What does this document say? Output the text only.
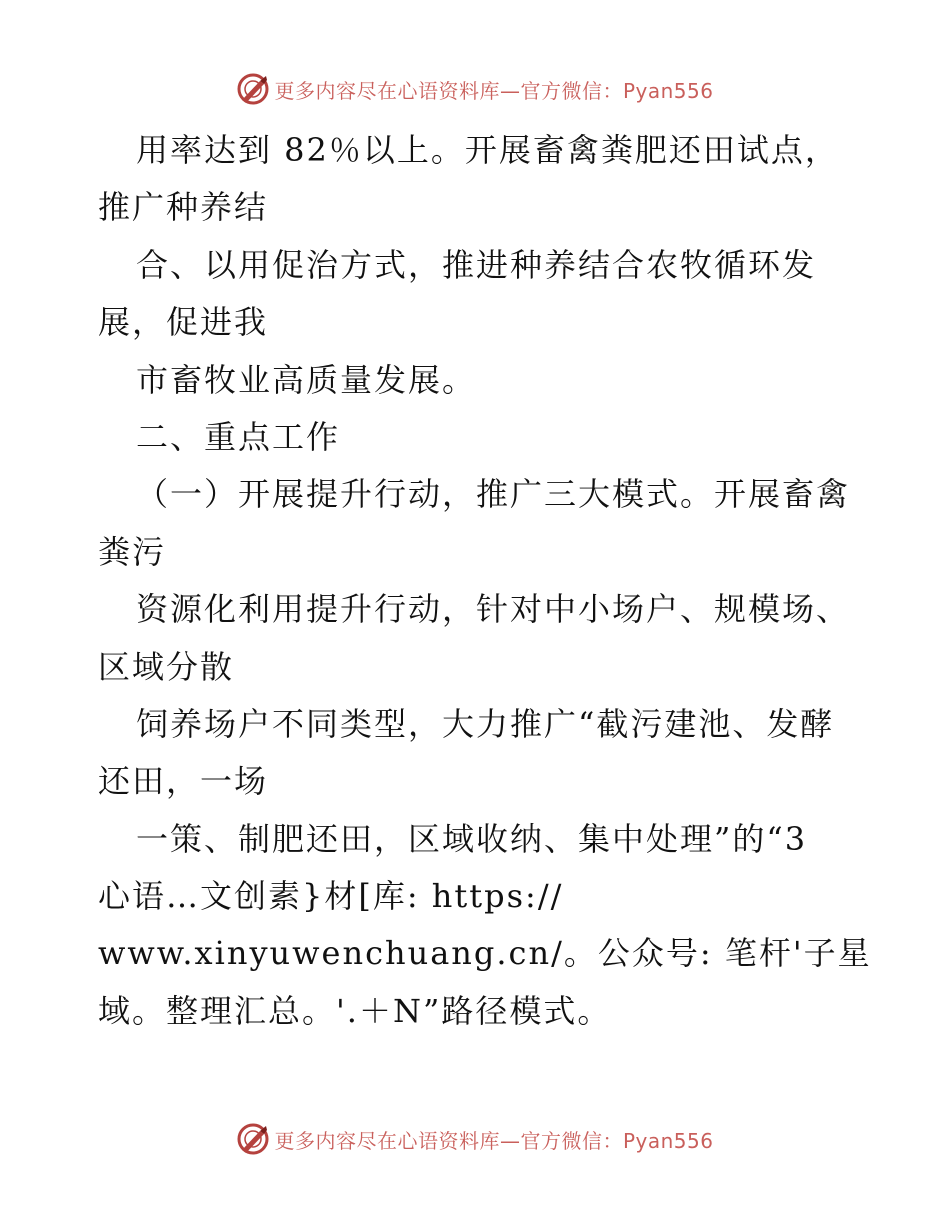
更多内容尽在心语资料库—官方微信：Pyan556
用率达到 82％以上。开展畜禽粪肥还田试点，
推广种养结
合、以用促治方式，推进种养结合农牧循环发
展，促进我
市畜牧业高质量发展。
二、重点工作
（一）开展提升行动，推广三大模式。开展畜禽
粪污
资源化利用提升行动，针对中小场户、规模场、
区域分散
饲养场户不同类型，大力推广“截污建池、发酵
还田，一场
一策、制肥还田，区域收纳、集中处理”的“3
心语…文创素}材[库: https://
www.xinyuwenchuang.cn/。公众号: 笔杆'子星
域。整理汇总。'.＋N”路径模式。
更多内容尽在心语资料库—官方微信：Pyan556
